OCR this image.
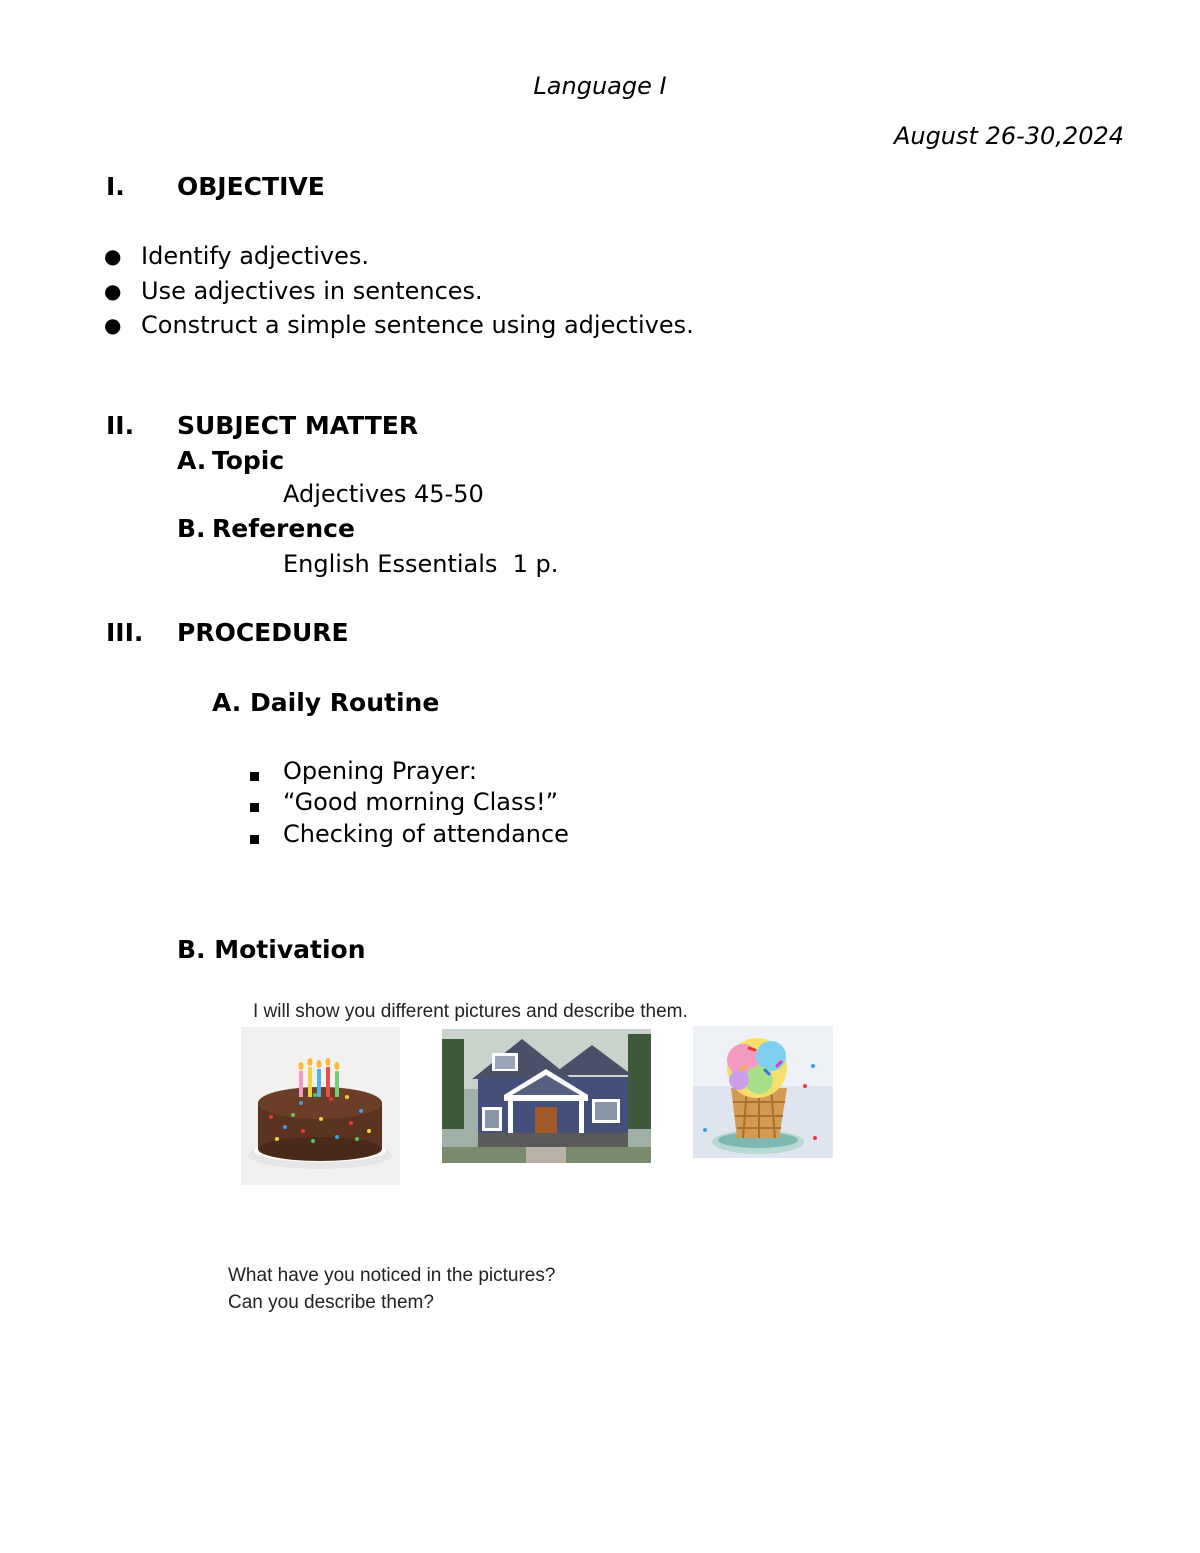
Language I
August 26-30,2024
I. OBJECTIVE
● Identify adjectives.
● Use adjectives in sentences.
● Construct a simple sentence using adjectives.
II. SUBJECT MATTER
A. Topic
Adjectives 45-50
B. Reference
English Essentials  1 p.
III. PROCEDURE
A. Daily Routine
Opening Prayer:
“Good morning Class!”
Checking of attendance
B. Motivation
I will show you different pictures and describe them.
What have you noticed in the pictures?
Can you describe them?
